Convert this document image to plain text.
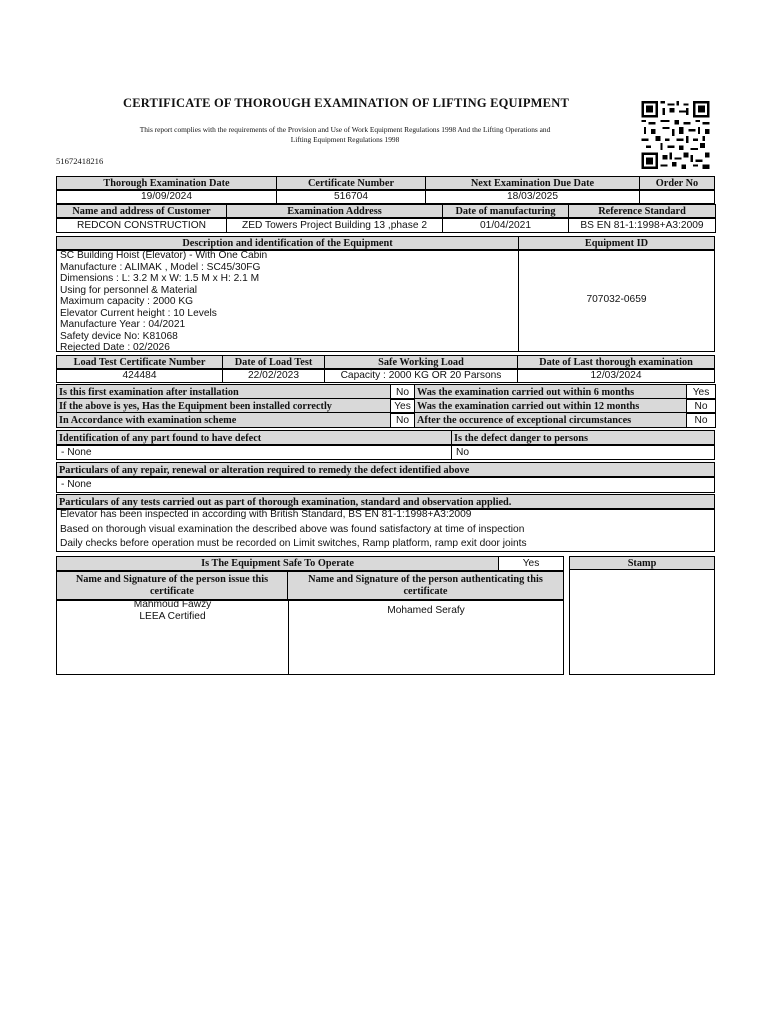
CERTIFICATE OF THOROUGH EXAMINATION OF LIFTING EQUIPMENT
This report complies with the requirements of the Provision and Use of Work Equipment Regulations 1998 And the Lifting Operations and
Lifting Equipment Regulations 1998
51672418216
Thorough Examination Date	Certificate Number	Next Examination Due Date	Order No
19/09/2024	516704	18/03/2025
Name and address of Customer	Examination Address	Date of manufacturing	Reference Standard
REDCON CONSTRUCTION	ZED Towers Project Building 13 ,phase 2	01/04/2021	BS EN 81-1:1998+A3:2009
Description and identification of the Equipment	Equipment ID
SC Building Hoist (Elevator) - With One Cabin
Manufacture : ALIMAK , Model : SC45/30FG
Dimensions : L: 3.2 M x W: 1.5 M x H: 2.1 M
Using for personnel & Material
Maximum capacity : 2000 KG
Elevator Current height : 10 Levels
Manufacture Year : 04/2021
Safety device No: K81068
Rejected Date : 02/2026
707032-0659
Load Test Certificate Number	Date of Load Test	Safe Working Load	Date of Last thorough examination
424484	22/02/2023	Capacity : 2000 KG OR 20 Parsons	12/03/2024
Is this first examination after installation	No Was the examination carried out within 6 months	Yes
If the above is yes, Has the Equipment been installed correctly	Yes Was the examination carried out within 12 months	No
In Accordance with examination scheme	No After the occurence of exceptional circumstances	No
Identification of any part found to have defect	Is the defect danger to persons
- None	No
Particulars of any repair, renewal or alteration required to remedy the defect identified above
- None
Particulars of any tests carried out as part of thorough examination, standard and observation applied.
Elevator has been inspected in according with British Standard, BS EN 81-1:1998+A3:2009
Based on thorough visual examination the described above was found satisfactory at time of inspection
Daily checks before operation must be recorded on Limit switches, Ramp platform, ramp exit door joints
Is The Equipment Safe To Operate	Yes	Stamp
Name and Signature of the person issue this certificate
Name and Signature of the person authenticating this certificate
Mahmoud Fawzy
LEEA Certified
Mohamed Serafy
